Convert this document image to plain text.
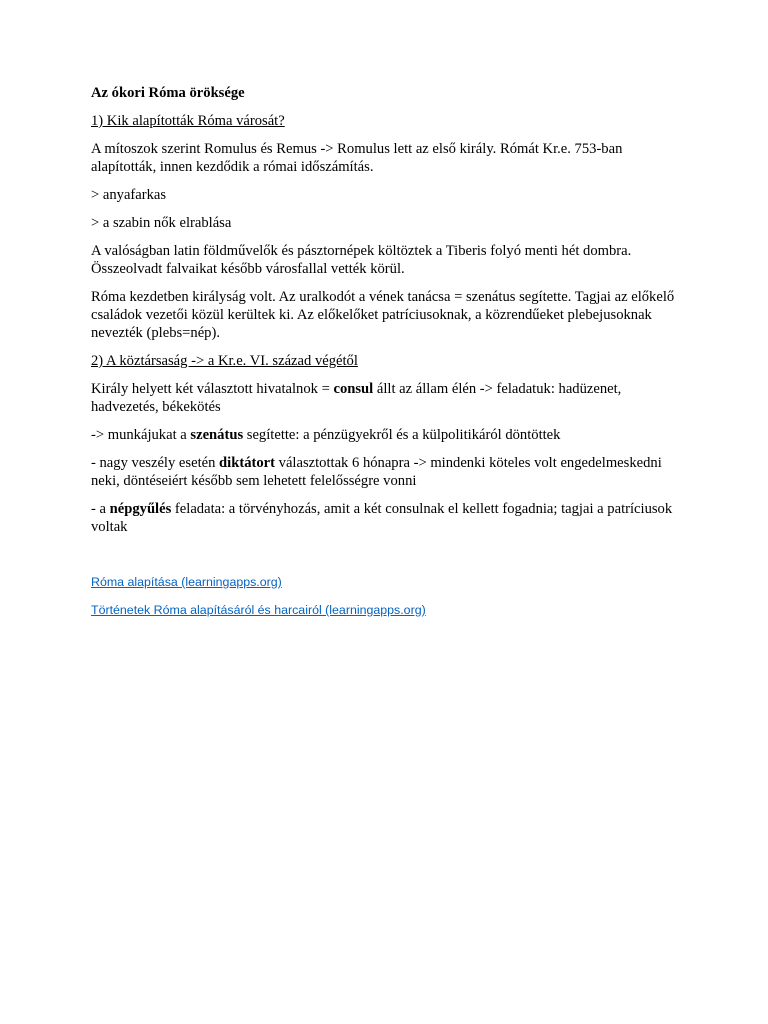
Az ókori Róma öröksége

1) Kik alapították Róma városát?

A mítoszok szerint Romulus és Remus -> Romulus lett az első király. Rómát Kr.e. 753-ban alapították, innen kezdődik a római időszámítás.

> anyafarkas

> a szabin nők elrablása

A valóságban latin földművelők és pásztornépek költöztek a Tiberis folyó menti hét dombra. Összeolvadt falvaikat később városfallal vették körül.

Róma kezdetben királyság volt. Az uralkodót a vének tanácsa = szenátus segítette. Tagjai az előkelő családok vezetői közül kerültek ki. Az előkelőket patríciusoknak, a közrendűeket plebejusoknak nevezték (plebs=nép).

2) A köztársaság -> a Kr.e. VI. század végétől

Király helyett két választott hivatalnok = consul állt az állam élén -> feladatuk: hadüzenet, hadvezetés, békekötés

-> munkájukat a szenátus segítette: a pénzügyekről és a külpolitikáról döntöttek

- nagy veszély esetén diktátort választottak 6 hónapra -> mindenki köteles volt engedelmeskedni neki, döntéseiért később sem lehetett felelősségre vonni

- a népgyűlés feladata: a törvényhozás, amit a két consulnak el kellett fogadnia; tagjai a patríciusok voltak

Róma alapítása (learningapps.org)

Történetek Róma alapításáról és harcairól (learningapps.org)
